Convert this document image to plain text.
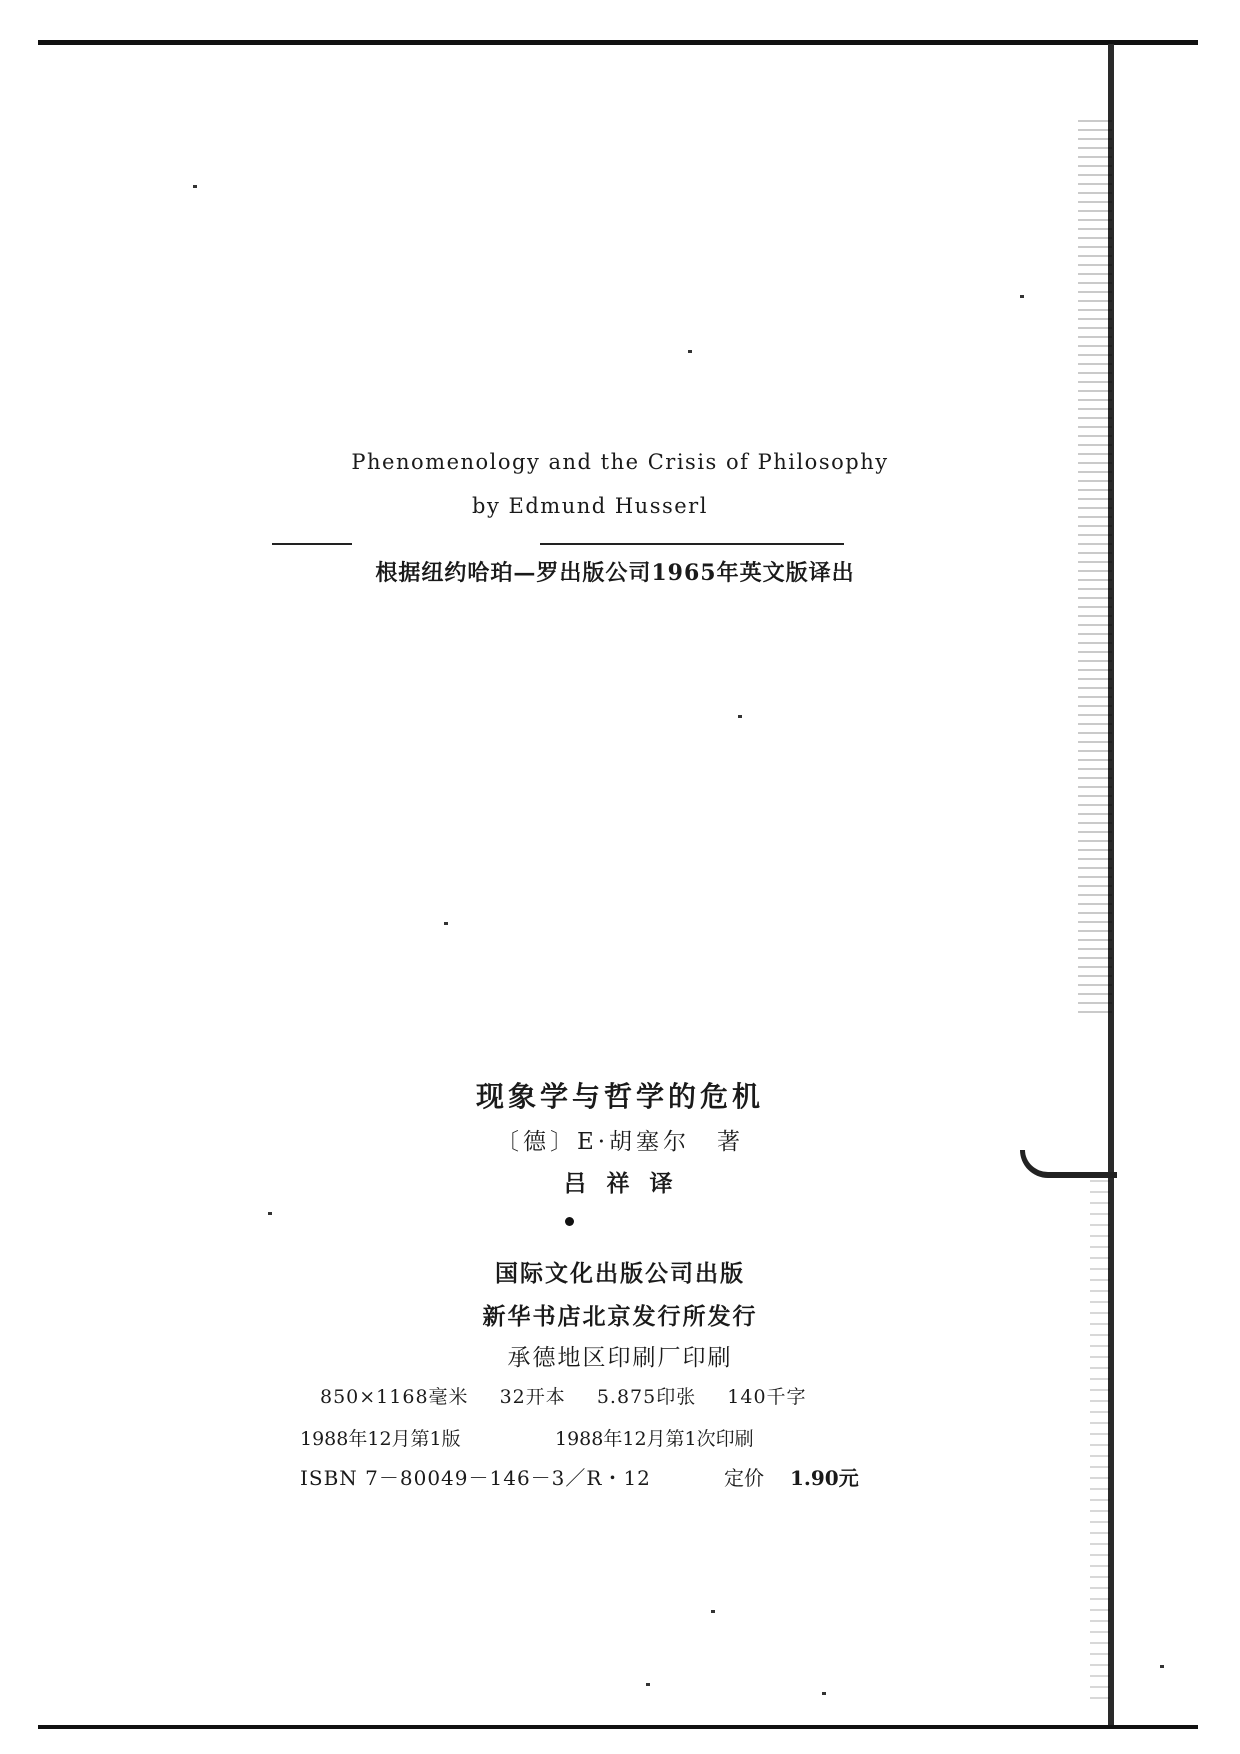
Phenomenology and the Crisis of Philosophy
by Edmund Husserl
根据纽约哈珀—罗出版公司1965年英文版译出
现象学与哲学的危机
〔德〕E·胡塞尔　著
吕祥译
国际文化出版公司出版
新华书店北京发行所发行
承德地区印刷厂印刷
850×1168毫米 32开本 5.875印张 140千字
1988年12月第1版	1988年12月第1次印刷
ISBN 7－80049－146－3／R・12	定价 1.90元
